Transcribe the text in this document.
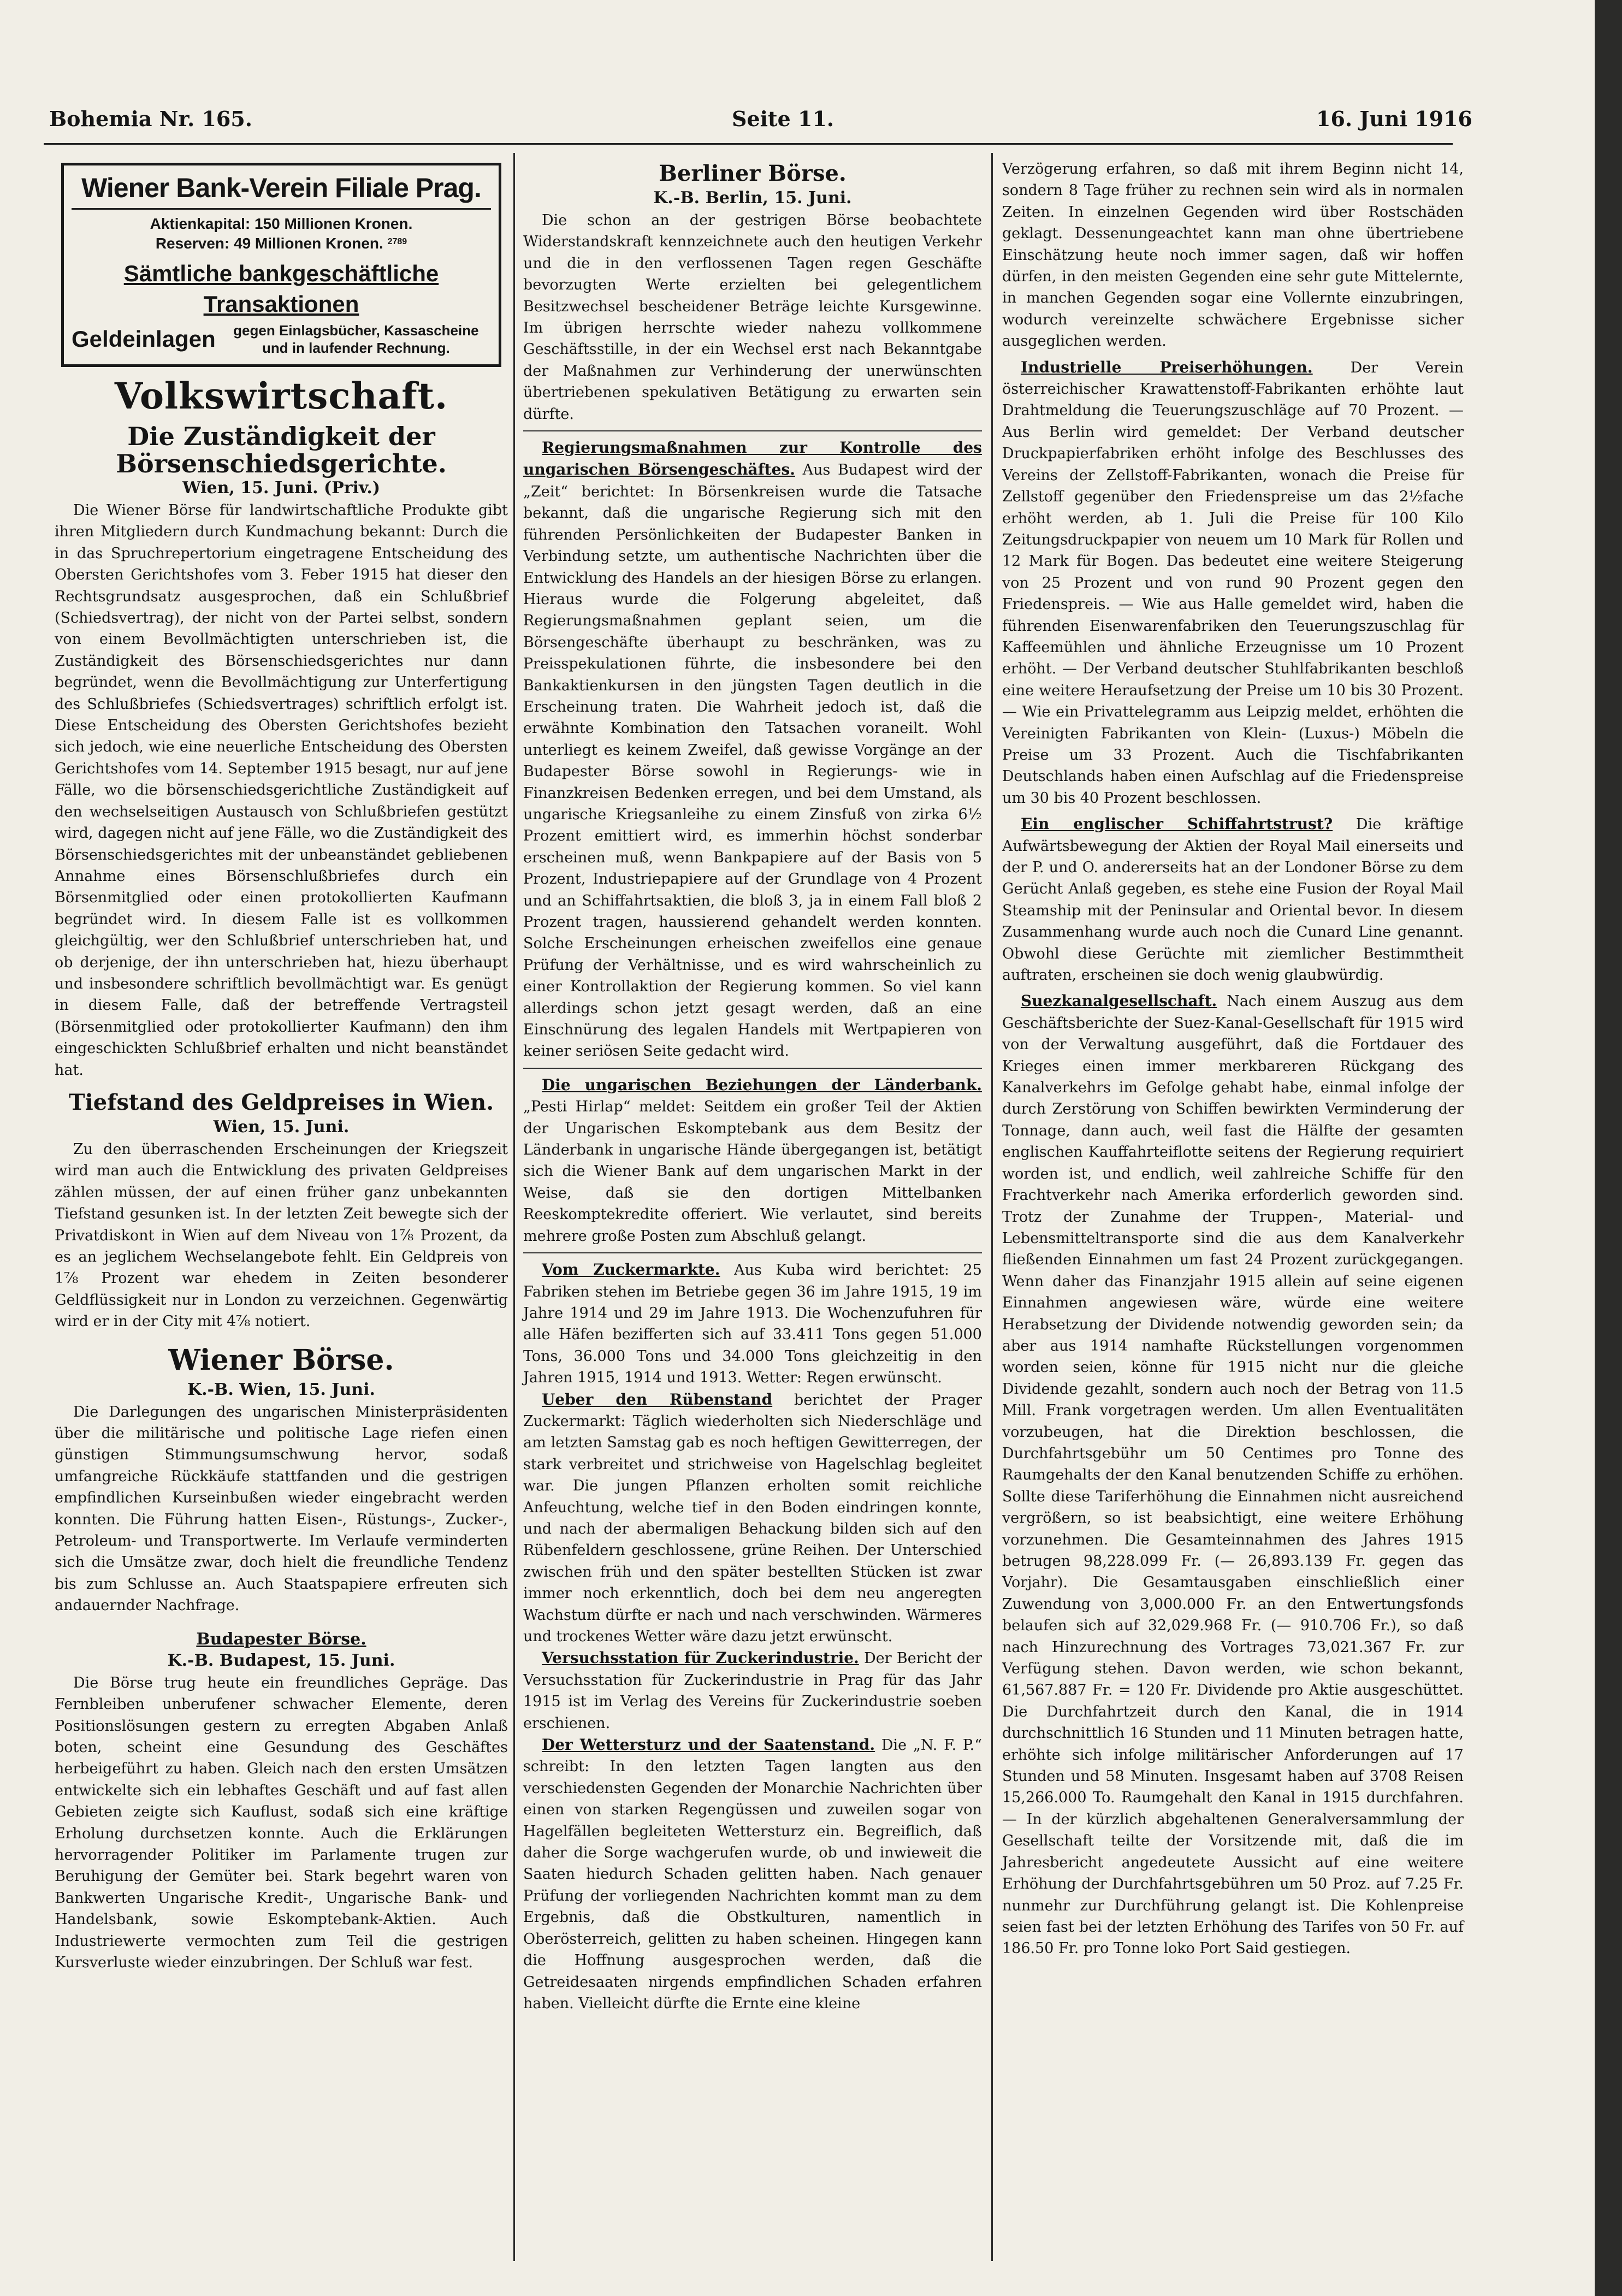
Bohemia Nr. 165.	Seite 11.	16. Juni 1916
Wiener Bank-Verein Filiale Prag.
Aktienkapital: 150 Millionen Kronen.
Reserven: 49 Millionen Kronen. $^{2789}$
Sämtliche bankgeschäftliche Transaktionen
Geldeinlagen	gegen Einlagsbücher, Kassascheine und in laufender Rechnung.
Volkswirtschaft.
Die Zuständigkeit der Börsenschiedsgerichte.
Wien, 15. Juni. (Priv.)

Die Wiener Börse für landwirtschaftliche Produkte gibt ihren Mitgliedern durch Kundmachung bekannt: Durch die in das Spruchrepertorium eingetragene Entscheidung des Obersten Gerichtshofes vom 3. Feber 1915 hat dieser den Rechtsgrundsatz ausgesprochen, daß ein Schlußbrief (Schiedsvertrag), der nicht von der Partei selbst, sondern von einem Bevollmächtigten unterschrieben ist, die Zuständigkeit des Börsenschiedsgerichtes nur dann begründet, wenn die Bevollmächtigung zur Unterfertigung des Schlußbriefes (Schiedsvertrages) schriftlich erfolgt ist. Diese Entscheidung des Obersten Gerichtshofes bezieht sich jedoch, wie eine neuerliche Entscheidung des Obersten Gerichtshofes vom 14. September 1915 besagt, nur auf jene Fälle, wo die börsenschiedsgerichtliche Zuständigkeit auf den wechselseitigen Austausch von Schlußbriefen gestützt wird, dagegen nicht auf jene Fälle, wo die Zuständigkeit des Börsenschiedsgerichtes mit der unbeanständet gebliebenen Annahme eines Börsenschlußbriefes durch ein Börsenmitglied oder einen protokollierten Kaufmann begründet wird. In diesem Falle ist es vollkommen gleichgültig, wer den Schlußbrief unterschrieben hat, und ob derjenige, der ihn unterschrieben hat, hiezu überhaupt und insbesondere schriftlich bevollmächtigt war. Es genügt in diesem Falle, daß der betreffende Vertragsteil (Börsenmitglied oder protokollierter Kaufmann) den ihm eingeschickten Schlußbrief erhalten und nicht beanständet hat.

Tiefstand des Geldpreises in Wien.
Wien, 15. Juni.

Zu den überraschenden Erscheinungen der Kriegszeit wird man auch die Entwicklung des privaten Geldpreises zählen müssen, der auf einen früher ganz unbekannten Tiefstand gesunken ist. In der letzten Zeit bewegte sich der Privatdiskont in Wien auf dem Niveau von 1⅞ Prozent, da es an jeglichem Wechselangebote fehlt. Ein Geldpreis von 1⅞ Prozent war ehedem in Zeiten besonderer Geldflüssigkeit nur in London zu verzeichnen. Gegenwärtig wird er in der City mit 4⅞ notiert.

Wiener Börse.
K.-B. Wien, 15. Juni.

Die Darlegungen des ungarischen Ministerpräsidenten über die militärische und politische Lage riefen einen günstigen Stimmungsumschwung hervor, sodaß umfangreiche Rückkäufe stattfanden und die gestrigen empfindlichen Kurseinbußen wieder eingebracht werden konnten. Die Führung hatten Eisen-, Rüstungs-, Zucker-, Petroleum- und Transportwerte. Im Verlaufe verminderten sich die Umsätze zwar, doch hielt die freundliche Tendenz bis zum Schlusse an. Auch Staatspapiere erfreuten sich andauernder Nachfrage.

Budapester Börse.
K.-B. Budapest, 15. Juni.

Die Börse trug heute ein freundliches Gepräge. Das Fernbleiben unberufener schwacher Elemente, deren Positionslösungen gestern zu erregten Abgaben Anlaß boten, scheint eine Gesundung des Geschäftes herbeigeführt zu haben. Gleich nach den ersten Umsätzen entwickelte sich ein lebhaftes Geschäft und auf fast allen Gebieten zeigte sich Kauflust, sodaß sich eine kräftige Erholung durchsetzen konnte. Auch die Erklärungen hervorragender Politiker im Parlamente trugen zur Beruhigung der Gemüter bei. Stark begehrt waren von Bankwerten Ungarische Kredit-, Ungarische Bank- und Handelsbank, sowie Eskomptebank-Aktien. Auch Industriewerte vermochten zum Teil die gestrigen Kursverluste wieder einzubringen. Der Schluß war fest.

Berliner Börse.
K.-B. Berlin, 15. Juni.

Die schon an der gestrigen Börse beobachtete Widerstandskraft kennzeichnete auch den heutigen Verkehr und die in den verflossenen Tagen regen Geschäfte bevorzugten Werte erzielten bei gelegentlichem Besitzwechsel bescheidener Beträge leichte Kursgewinne. Im übrigen herrschte wieder nahezu vollkommene Geschäftsstille, in der ein Wechsel erst nach Bekanntgabe der Maßnahmen zur Verhinderung der unerwünschten übertriebenen spekulativen Betätigung zu erwarten sein dürfte.

Regierungsmaßnahmen zur Kontrolle des ungarischen Börsengeschäftes. Aus Budapest wird der „Zeit“ berichtet: In Börsenkreisen wurde die Tatsache bekannt, daß die ungarische Regierung sich mit den führenden Persönlichkeiten der Budapester Banken in Verbindung setzte, um authentische Nachrichten über die Entwicklung des Handels an der hiesigen Börse zu erlangen. Hieraus wurde die Folgerung abgeleitet, daß Regierungsmaßnahmen geplant seien, um die Börsengeschäfte überhaupt zu beschränken, was zu Preisspekulationen führte, die insbesondere bei den Bankaktienkursen in den jüngsten Tagen deutlich in die Erscheinung traten. Die Wahrheit jedoch ist, daß die erwähnte Kombination den Tatsachen voraneilt. Wohl unterliegt es keinem Zweifel, daß gewisse Vorgänge an der Budapester Börse sowohl in Regierungs- wie in Finanzkreisen Bedenken erregen, und bei dem Umstand, als ungarische Kriegsanleihe zu einem Zinsfuß von zirka 6½ Prozent emittiert wird, es immerhin höchst sonderbar erscheinen muß, wenn Bankpapiere auf der Basis von 5 Prozent, Industriepapiere auf der Grundlage von 4 Prozent und an Schiffahrtsaktien, die bloß 3, ja in einem Fall bloß 2 Prozent tragen, haussierend gehandelt werden konnten. Solche Erscheinungen erheischen zweifellos eine genaue Prüfung der Verhältnisse, und es wird wahrscheinlich zu einer Kontrollaktion der Regierung kommen. So viel kann allerdings schon jetzt gesagt werden, daß an eine Einschnürung des legalen Handels mit Wertpapieren von keiner seriösen Seite gedacht wird.

Die ungarischen Beziehungen der Länderbank. „Pesti Hirlap“ meldet: Seitdem ein großer Teil der Aktien der Ungarischen Eskomptebank aus dem Besitz der Länderbank in ungarische Hände übergegangen ist, betätigt sich die Wiener Bank auf dem ungarischen Markt in der Weise, daß sie den dortigen Mittelbanken Reeskomptekredite offeriert. Wie verlautet, sind bereits mehrere große Posten zum Abschluß gelangt.

Vom Zuckermarkte. Aus Kuba wird berichtet: 25 Fabriken stehen im Betriebe gegen 36 im Jahre 1915, 19 im Jahre 1914 und 29 im Jahre 1913. Die Wochenzufuhren für alle Häfen bezifferten sich auf 33.411 Tons gegen 51.000 Tons, 36.000 Tons und 34.000 Tons gleichzeitig in den Jahren 1915, 1914 und 1913. Wetter: Regen erwünscht.

Ueber den Rübenstand berichtet der Prager Zuckermarkt: Täglich wiederholten sich Niederschläge und am letzten Samstag gab es noch heftigen Gewitterregen, der stark verbreitet und strichweise von Hagelschlag begleitet war. Die jungen Pflanzen erholten somit reichliche Anfeuchtung, welche tief in den Boden eindringen konnte, und nach der abermaligen Behackung bilden sich auf den Rübenfeldern geschlossene, grüne Reihen. Der Unterschied zwischen früh und den später bestellten Stücken ist zwar immer noch erkenntlich, doch bei dem neu angeregten Wachstum dürfte er nach und nach verschwinden. Wärmeres und trockenes Wetter wäre dazu jetzt erwünscht.

Versuchsstation für Zuckerindustrie. Der Bericht der Versuchsstation für Zuckerindustrie in Prag für das Jahr 1915 ist im Verlag des Vereins für Zuckerindustrie soeben erschienen.

Der Wettersturz und der Saatenstand. Die „N. F. P.“ schreibt: In den letzten Tagen langten aus den verschiedensten Gegenden der Monarchie Nachrichten über einen von starken Regengüssen und zuweilen sogar von Hagelfällen begleiteten Wettersturz ein. Begreiflich, daß daher die Sorge wachgerufen wurde, ob und inwieweit die Saaten hiedurch Schaden gelitten haben. Nach genauer Prüfung der vorliegenden Nachrichten kommt man zu dem Ergebnis, daß die Obstkulturen, namentlich in Oberösterreich, gelitten zu haben scheinen. Hingegen kann die Hoffnung ausgesprochen werden, daß die Getreidesaaten nirgends empfindlichen Schaden erfahren haben. Vielleicht dürfte die Ernte eine kleine

Verzögerung erfahren, so daß mit ihrem Beginn nicht 14, sondern 8 Tage früher zu rechnen sein wird als in normalen Zeiten. In einzelnen Gegenden wird über Rostschäden geklagt. Dessenungeachtet kann man ohne übertriebene Einschätzung heute noch immer sagen, daß wir hoffen dürfen, in den meisten Gegenden eine sehr gute Mittelernte, in manchen Gegenden sogar eine Vollernte einzubringen, wodurch vereinzelte schwächere Ergebnisse sicher ausgeglichen werden.

Industrielle Preiserhöhungen.	Der Verein österreichischer Krawattenstoff-Fabrikanten erhöhte laut Drahtmeldung die Teuerungszuschläge auf 70 Prozent. — Aus Berlin wird gemeldet: Der Verband deutscher Druckpapierfabriken erhöht infolge des Beschlusses des Vereins der Zellstoff-Fabrikanten, wonach die Preise für Zellstoff gegenüber den Friedenspreise um das 2½fache erhöht werden, ab 1. Juli die Preise für 100 Kilo Zeitungsdruckpapier von neuem um 10 Mark für Rollen und 12 Mark für Bogen. Das bedeutet eine weitere Steigerung von 25 Prozent und von rund 90 Prozent gegen den Friedenspreis. — Wie aus Halle gemeldet wird, haben die führenden Eisenwarenfabriken den Teuerungszuschlag für Kaffeemühlen und ähnliche Erzeugnisse um 10 Prozent erhöht. — Der Verband deutscher Stuhlfabrikanten beschloß eine weitere Heraufsetzung der Preise um 10 bis 30 Prozent. — Wie ein Privattelegramm aus Leipzig meldet, erhöhten die Vereinigten Fabrikanten von Klein- (Luxus-) Möbeln die Preise um 33 Prozent. Auch die Tischfabrikanten Deutschlands haben einen Aufschlag auf die Friedenspreise um 30 bis 40 Prozent beschlossen.

Ein englischer Schiffahrtstrust? Die kräftige Aufwärtsbewegung der Aktien der Royal Mail einerseits und der P. und O. andererseits hat an der Londoner Börse zu dem Gerücht Anlaß gegeben, es stehe eine Fusion der Royal Mail Steamship mit der Peninsular and Oriental bevor. In diesem Zusammenhang wurde auch noch die Cunard Line genannt. Obwohl diese Gerüchte mit ziemlicher Bestimmtheit auftraten, erscheinen sie doch wenig glaubwürdig.

Suezkanalgesellschaft. Nach einem Auszug aus dem Geschäftsberichte der Suez-Kanal-Gesellschaft für 1915 wird von der Verwaltung ausgeführt, daß die Fortdauer des Krieges einen immer merkbareren Rückgang des Kanalverkehrs im Gefolge gehabt habe, einmal infolge der durch Zerstörung von Schiffen bewirkten Verminderung der Tonnage, dann auch, weil fast die Hälfte der gesamten englischen Kauffahrteiflotte seitens der Regierung requiriert worden ist, und endlich, weil zahlreiche Schiffe für den Frachtverkehr nach Amerika erforderlich geworden sind. Trotz der Zunahme der Truppen-, Material- und Lebensmitteltransporte sind die aus dem Kanalverkehr fließenden Einnahmen um fast 24 Prozent zurückgegangen. Wenn daher das Finanzjahr 1915 allein auf seine eigenen Einnahmen angewiesen wäre, würde eine weitere Herabsetzung der Dividende notwendig geworden sein; da aber aus 1914 namhafte Rückstellungen vorgenommen worden seien, könne für 1915 nicht nur die gleiche Dividende gezahlt, sondern auch noch der Betrag von 11.5 Mill. Frank vorgetragen werden. Um allen Eventualitäten vorzubeugen, hat die Direktion beschlossen, die Durchfahrtsgebühr um 50 Centimes pro Tonne des Raumgehalts der den Kanal benutzenden Schiffe zu erhöhen. Sollte diese Tariferhöhung die Einnahmen nicht ausreichend vergrößern, so ist beabsichtigt, eine weitere Erhöhung vorzunehmen. Die Gesamteinnahmen des Jahres 1915 betrugen 98,228.099 Fr. (— 26,893.139 Fr. gegen das Vorjahr). Die Gesamtausgaben einschließlich einer Zuwendung von 3,000.000 Fr. an den Entwertungsfonds belaufen sich auf 32,029.968 Fr. (— 910.706 Fr.), so daß nach Hinzurechnung des Vortrages 73,021.367 Fr. zur Verfügung stehen. Davon werden, wie schon bekannt, 61,567.887 Fr. = 120 Fr. Dividende pro Aktie ausgeschüttet. Die Durchfahrtzeit durch den Kanal, die in 1914 durchschnittlich 16 Stunden und 11 Minuten betragen hatte, erhöhte sich infolge militärischer Anforderungen auf 17 Stunden und 58 Minuten. Insgesamt haben auf 3708 Reisen 15,266.000 To. Raumgehalt den Kanal in 1915 durchfahren. — In der kürzlich abgehaltenen Generalversammlung der Gesellschaft teilte der Vorsitzende mit, daß die im Jahresbericht angedeutete Aussicht auf eine weitere Erhöhung der Durchfahrtsgebühren um 50 Proz. auf 7.25 Fr. nunmehr zur Durchführung gelangt ist. Die Kohlenpreise seien fast bei der letzten Erhöhung des Tarifes von 50 Fr. auf 186.50 Fr. pro Tonne loko Port Said gestiegen.
